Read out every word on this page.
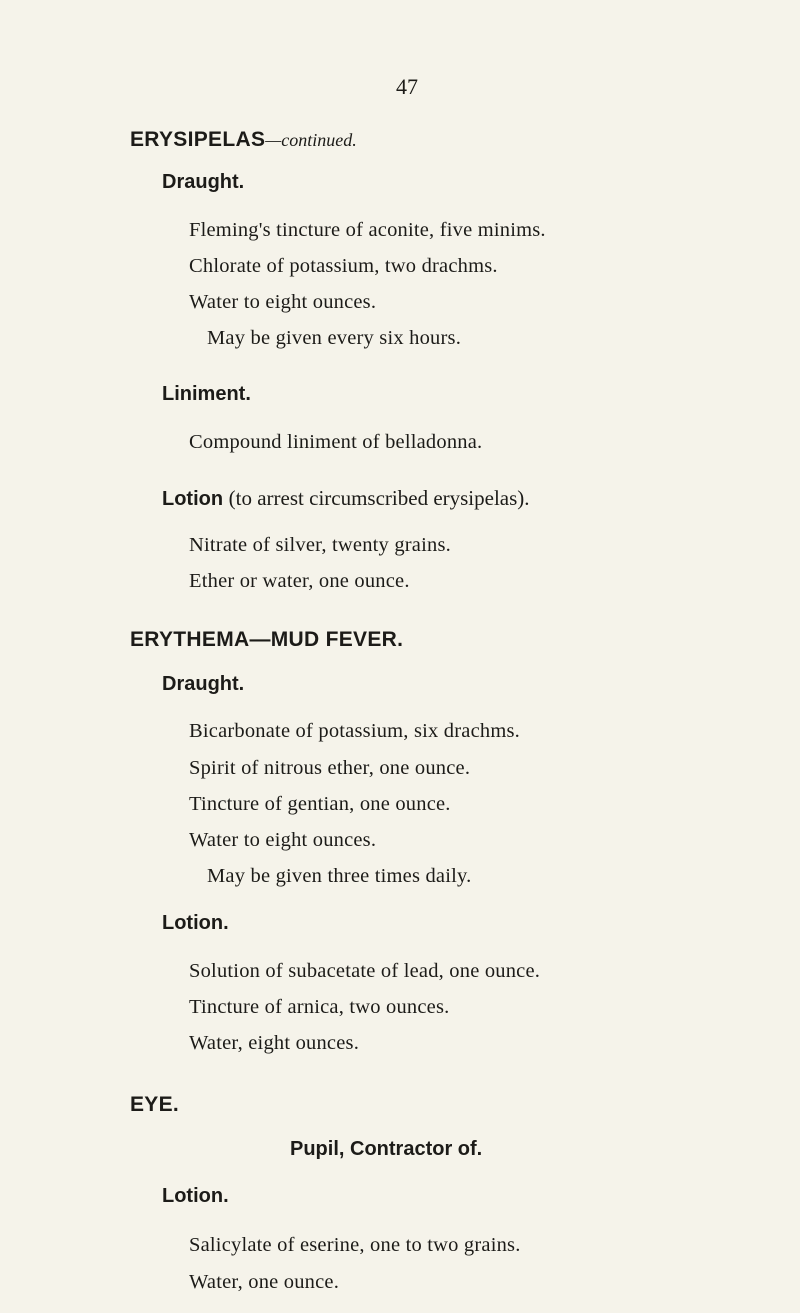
47
ERYSIPELAS—continued.
Draught.
Fleming's tincture of aconite, five minims.
Chlorate of potassium, two drachms.
Water to eight ounces.
May be given every six hours.
Liniment.
Compound liniment of belladonna.
Lotion (to arrest circumscribed erysipelas).
Nitrate of silver, twenty grains.
Ether or water, one ounce.
ERYTHEMA—MUD FEVER.
Draught.
Bicarbonate of potassium, six drachms.
Spirit of nitrous ether, one ounce.
Tincture of gentian, one ounce.
Water to eight ounces.
May be given three times daily.
Lotion.
Solution of subacetate of lead, one ounce.
Tincture of arnica, two ounces.
Water, eight ounces.
EYE.
Pupil, Contractor of.
Lotion.
Salicylate of eserine, one to two grains.
Water, one ounce.
